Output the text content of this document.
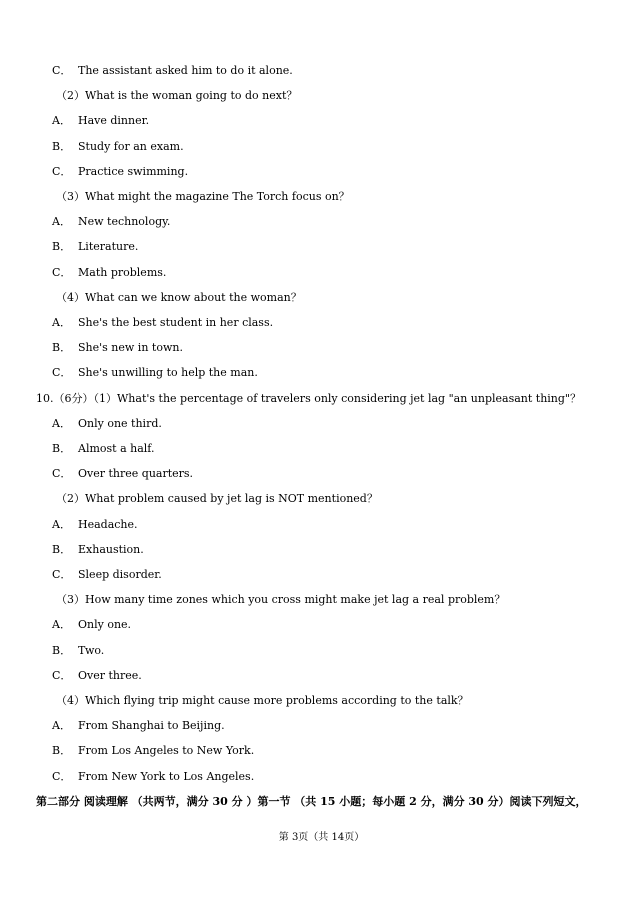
C． The assistant asked him to do it alone.
（2）What is the woman going to do next？
A． Have dinner.
B． Study for an exam.
C． Practice swimming.
（3）What might the magazine The Torch focus on？
A． New technology.
B． Literature.
C． Math problems.
（4）What can we know about the woman？
A． She's the best student in her class.
B． She's new in town.
C． She's unwilling to help the man.
10.（6分）（1）What's the percentage of travelers only considering jet lag "an unpleasant thing"？
A． Only one third.
B． Almost a half.
C． Over three quarters.
（2）What problem caused by jet lag is NOT mentioned？
A． Headache.
B． Exhaustion.
C． Sleep disorder.
（3）How many time zones which you cross might make jet lag a real problem？
A． Only one.
B． Two.
C． Over three.
（4）Which flying trip might cause more problems according to the talk？
A． From Shanghai to Beijing.
B． From Los Angeles to New York.
C． From New York to Los Angeles.
第二部分 阅读理解 （共两节，满分 30 分 ）第一节 （共 15 小题；每小题 2 分，满分 30 分）阅读下列短文，
第 3页（共 14页）
